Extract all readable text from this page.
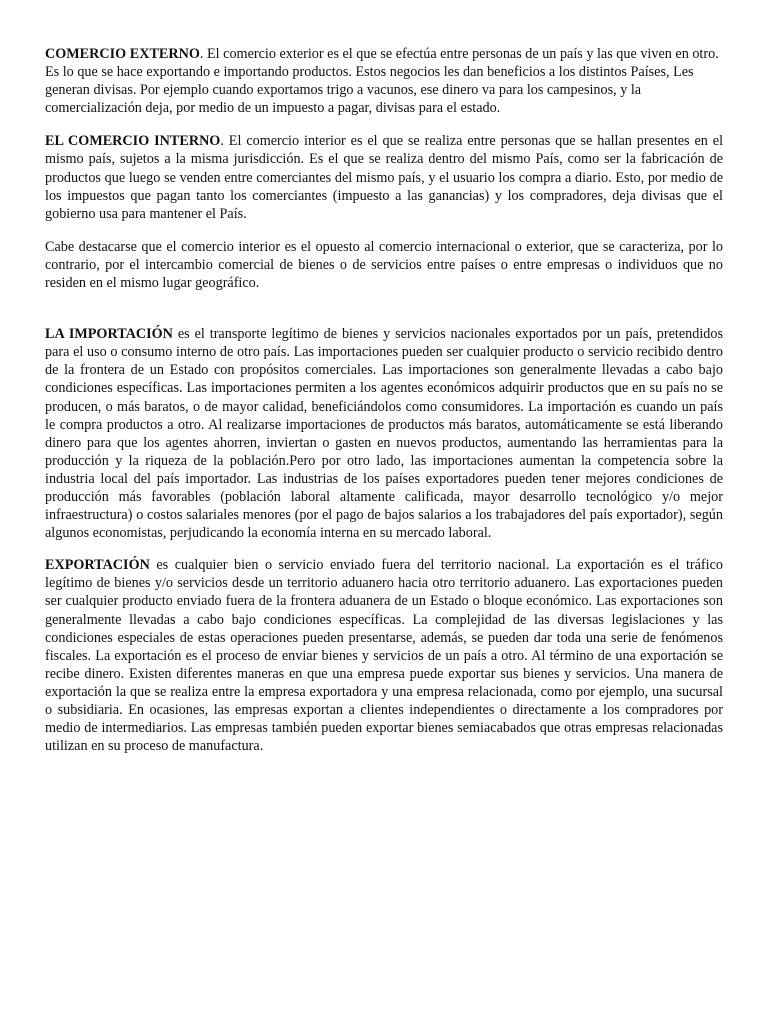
COMERCIO EXTERNO. El comercio exterior es el que se efectúa entre personas de un país y las que viven en otro. Es lo que se hace exportando e importando productos. Estos negocios les dan beneficios a los distintos Países, Les generan divisas. Por ejemplo cuando exportamos trigo a vacunos, ese dinero va para los campesinos, y la comercialización deja, por medio de un impuesto a pagar, divisas para el estado.

EL COMERCIO INTERNO. El comercio interior es el que se realiza entre personas que se hallan presentes en el mismo país, sujetos a la misma jurisdicción. Es el que se realiza dentro del mismo País, como ser la fabricación de productos que luego se venden entre comerciantes del mismo país, y el usuario los compra a diario. Esto, por medio de los impuestos que pagan tanto los comerciantes (impuesto a las ganancias) y los compradores, deja divisas que el gobierno usa para mantener el País.

Cabe destacarse que el comercio interior es el opuesto al comercio internacional o exterior, que se caracteriza, por lo contrario, por el intercambio comercial de bienes o de servicios entre países o entre empresas o individuos que no residen en el mismo lugar geográfico.

LA IMPORTACIÓN es el transporte legítimo de bienes y servicios nacionales exportados por un país, pretendidos para el uso o consumo interno de otro país. Las importaciones pueden ser cualquier producto o servicio recibido dentro de la frontera de un Estado con propósitos comerciales. Las importaciones son generalmente llevadas a cabo bajo condiciones específicas. Las importaciones permiten a los agentes económicos adquirir productos que en su país no se producen, o más baratos, o de mayor calidad, beneficiándolos como consumidores. La importación es cuando un país le compra productos a otro. Al realizarse importaciones de productos más baratos, automáticamente se está liberando dinero para que los agentes ahorren, inviertan o gasten en nuevos productos, aumentando las herramientas para la producción y la riqueza de la población.Pero por otro lado, las importaciones aumentan la competencia sobre la industria local del país importador. Las industrias de los países exportadores pueden tener mejores condiciones de producción más favorables (población laboral altamente calificada, mayor desarrollo tecnológico y/o mejor infraestructura) o costos salariales menores (por el pago de bajos salarios a los trabajadores del país exportador), según algunos economistas, perjudicando la economía interna en su mercado laboral.

EXPORTACIÓN es cualquier bien o servicio enviado fuera del territorio nacional. La exportación es el tráfico legítimo de bienes y/o servicios desde un territorio aduanero hacia otro territorio aduanero. Las exportaciones pueden ser cualquier producto enviado fuera de la frontera aduanera de un Estado o bloque económico. Las exportaciones son generalmente llevadas a cabo bajo condiciones específicas. La complejidad de las diversas legislaciones y las condiciones especiales de estas operaciones pueden presentarse, además, se pueden dar toda una serie de fenómenos fiscales. La exportación es el proceso de enviar bienes y servicios de un país a otro. Al término de una exportación se recibe dinero. Existen diferentes maneras en que una empresa puede exportar sus bienes y servicios. Una manera de exportación la que se realiza entre la empresa exportadora y una empresa relacionada, como por ejemplo, una sucursal o subsidiaria. En ocasiones, las empresas exportan a clientes independientes o directamente a los compradores por medio de intermediarios. Las empresas también pueden exportar bienes semiacabados que otras empresas relacionadas utilizan en su proceso de manufactura.
